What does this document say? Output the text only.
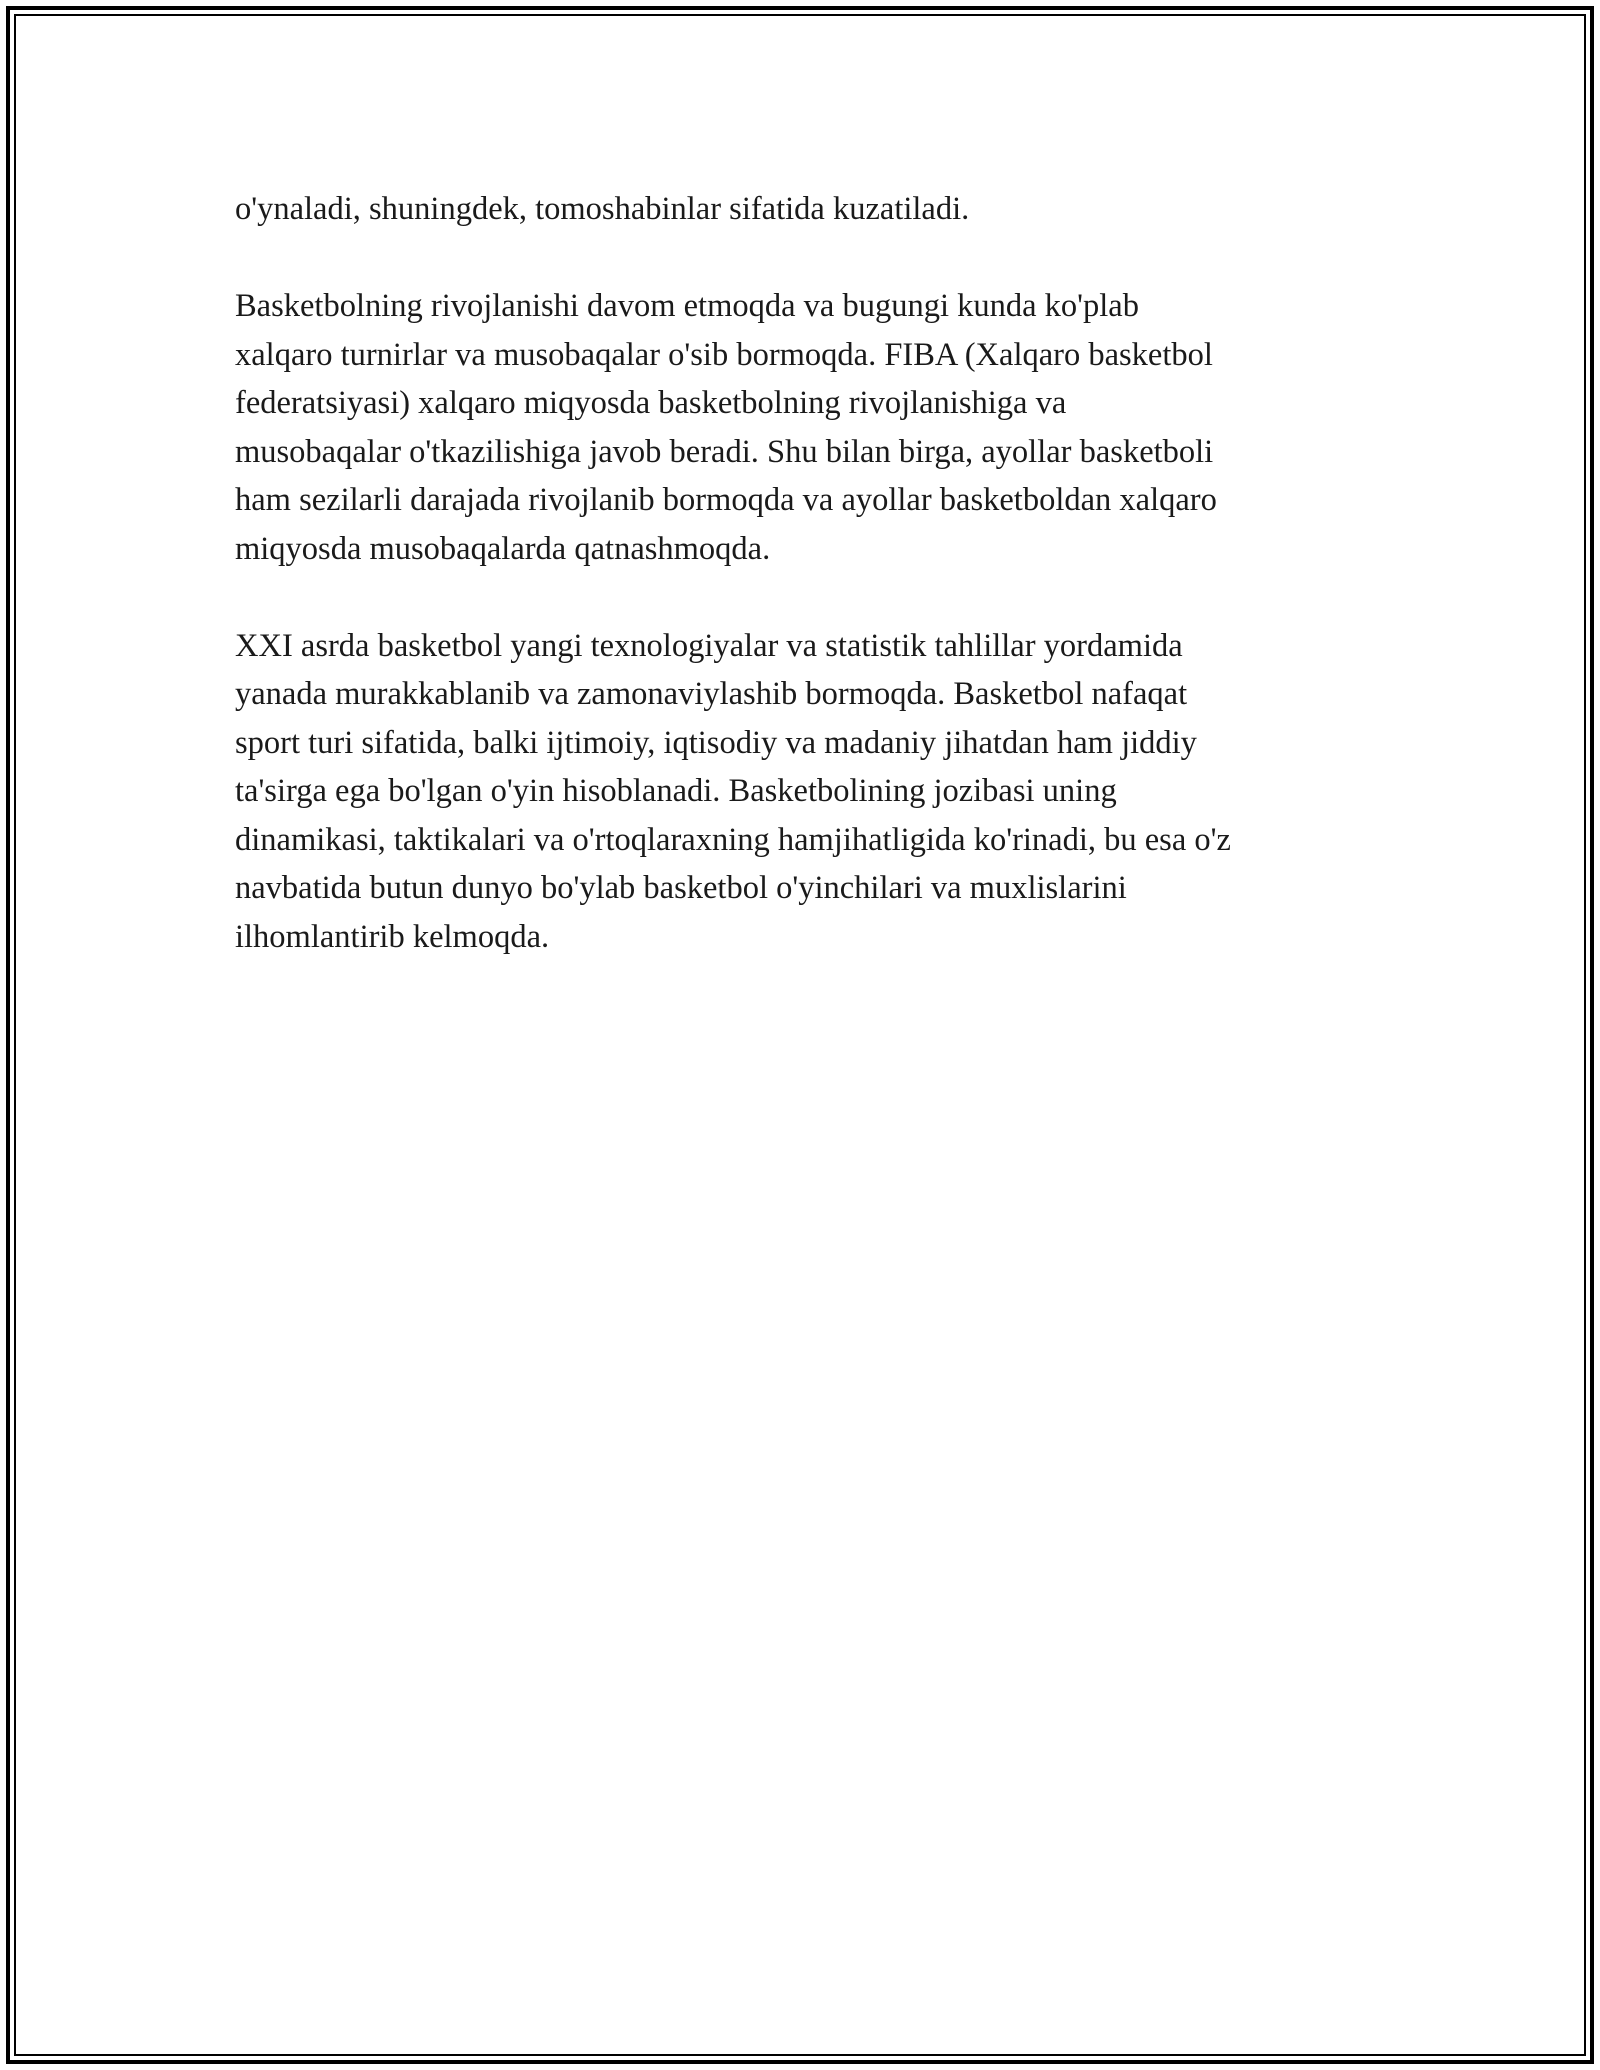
o'ynaladi, shuningdek, tomoshabinlar sifatida kuzatiladi.

Basketbolning rivojlanishi davom etmoqda va bugungi kunda ko'plab
xalqaro turnirlar va musobaqalar o'sib bormoqda. FIBA (Xalqaro basketbol
federatsiyasi) xalqaro miqyosda basketbolning rivojlanishiga va
musobaqalar o'tkazilishiga javob beradi. Shu bilan birga, ayollar basketboli
ham sezilarli darajada rivojlanib bormoqda va ayollar basketboldan xalqaro
miqyosda musobaqalarda qatnashmoqda.

XXI asrda basketbol yangi texnologiyalar va statistik tahlillar yordamida
yanada murakkablanib va zamonaviylashib bormoqda. Basketbol nafaqat
sport turi sifatida, balki ijtimoiy, iqtisodiy va madaniy jihatdan ham jiddiy
ta'sirga ega bo'lgan o'yin hisoblanadi. Basketbolining jozibasi uning
dinamikasi, taktikalari va o'rtoqlaraxning hamjihatligida ko'rinadi, bu esa o'z
navbatida butun dunyo bo'ylab basketbol o'yinchilari va muxlislarini
ilhomlantirib kelmoqda.
